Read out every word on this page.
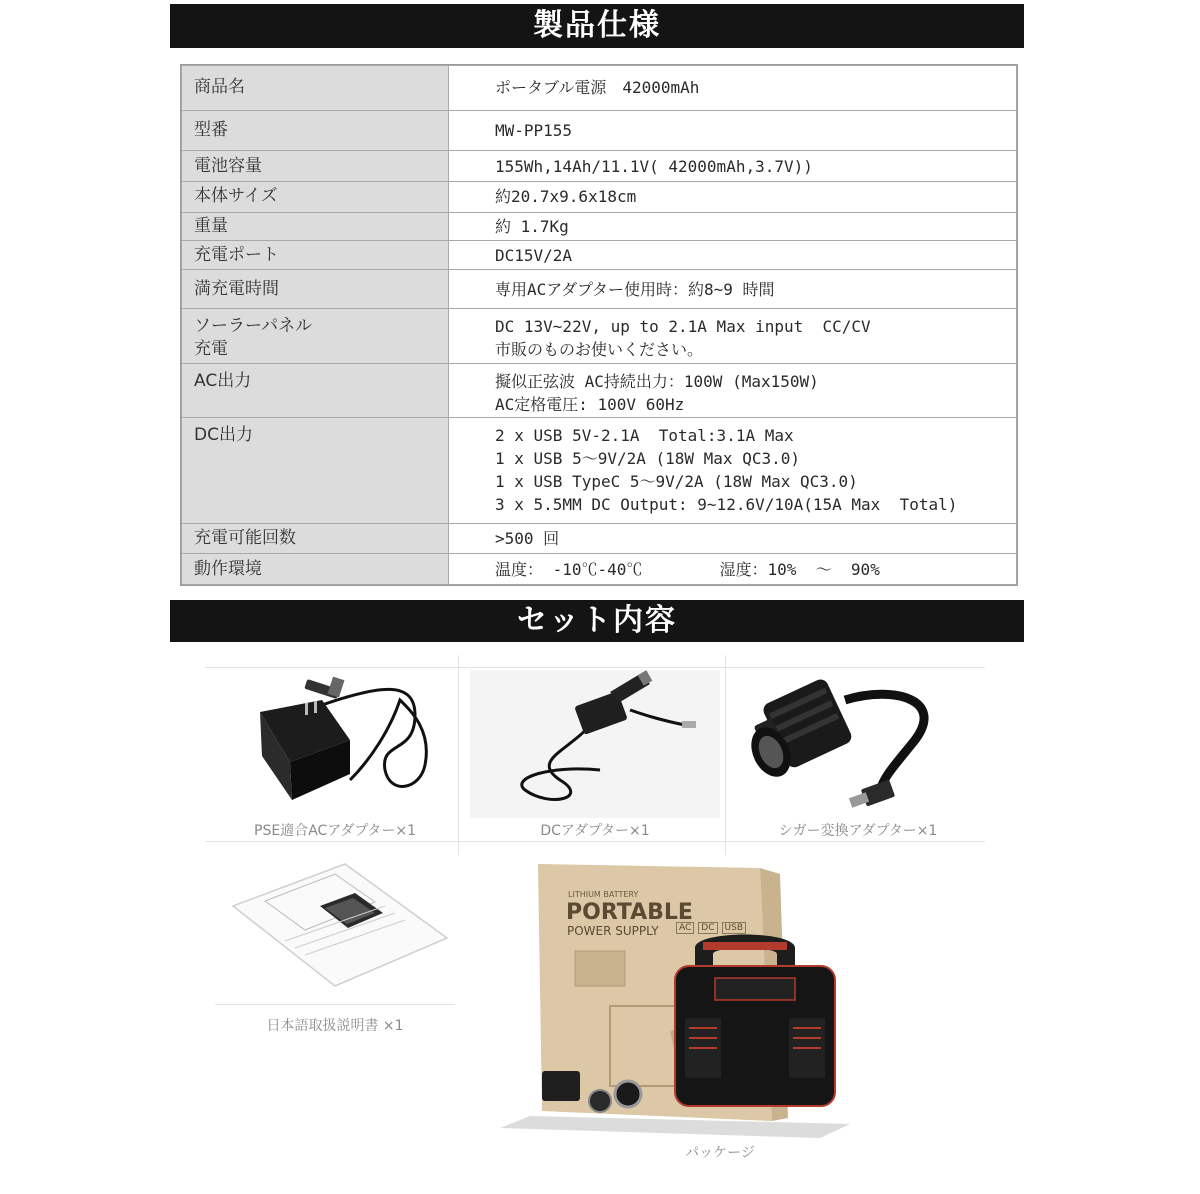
製品仕様
商品名	ポータブル電源　42000mAh

型番	MW-PP155

電池容量	155Wh,14Ah/11.1V( 42000mAh,3.7V))

本体サイズ	約20.7x9.6x18cm

重量	約 1.7Kg

充電ポート	DC15V/2A

満充電時間	専用ACアダプター使用時：約8~9 時間

ソーラーパネル
充電	DC 13V~22V, up to 2.1A Max input  CC/CV
市販のものお使いください。

AC出力	擬似正弦波 AC持続出力：100W (Max150W)
AC定格電圧: 100V 60Hz

DC出力	2 x USB 5V-2.1A  Total:3.1A Max
1 x USB 5～9V/2A (18W Max QC3.0)
1 x USB TypeC 5～9V/2A (18W Max QC3.0)
3 x 5.5MM DC Output: 9~12.6V/10A(15A Max  Total)

充電可能回数	>500 回

動作環境	温度： -10℃-40℃        湿度：10%  ～  90%
セット内容
PSE適合ACアダプター×1	DCアダプター×1	シガー変換アダプター×1
日本語取扱説明書 ×1
LITHIUM BATTERY
PORTABLE
POWER SUPPLY	AC	DC	USB
パッケージ
